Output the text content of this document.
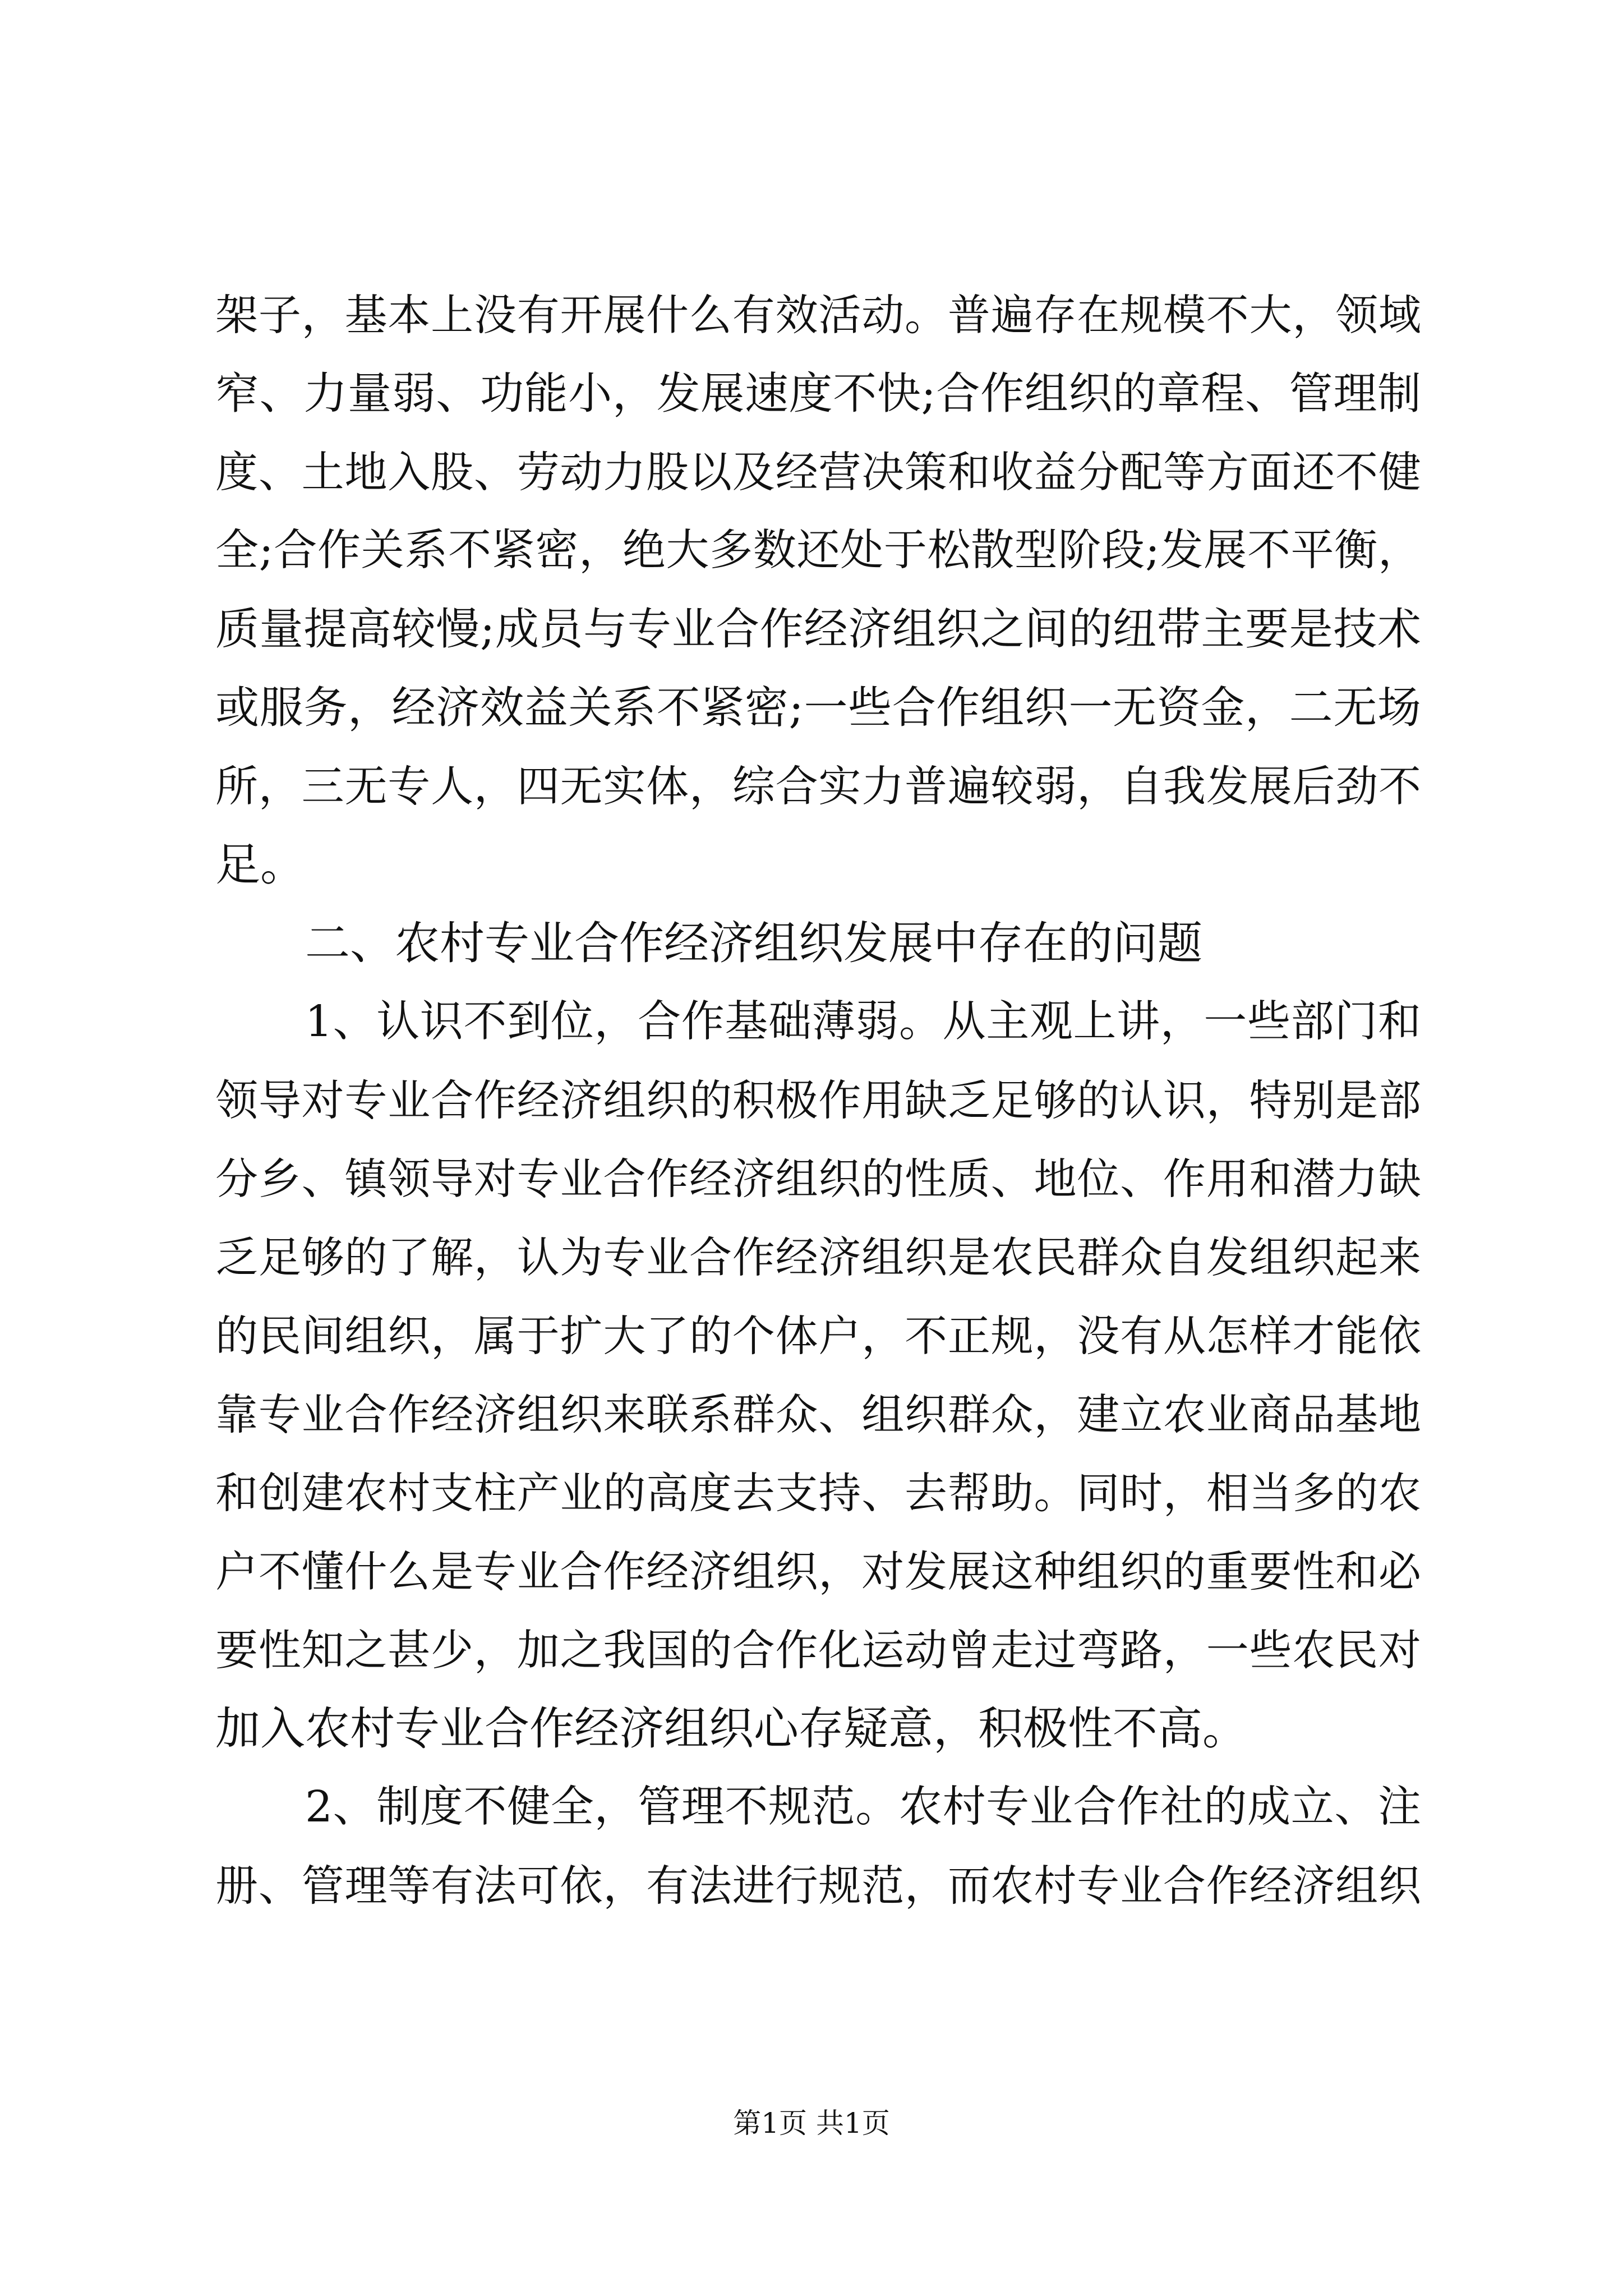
架子，基本上没有开展什么有效活动。普遍存在规模不大，领域
窄、力量弱、功能小，发展速度不快;合作组织的章程、管理制
度、土地入股、劳动力股以及经营决策和收益分配等方面还不健
全;合作关系不紧密，绝大多数还处于松散型阶段;发展不平衡，
质量提高较慢;成员与专业合作经济组织之间的纽带主要是技术
或服务，经济效益关系不紧密;一些合作组织一无资金，二无场
所，三无专人，四无实体，综合实力普遍较弱，自我发展后劲不
足。
二、农村专业合作经济组织发展中存在的问题
1、认识不到位，合作基础薄弱。从主观上讲，一些部门和
领导对专业合作经济组织的积极作用缺乏足够的认识，特别是部
分乡、镇领导对专业合作经济组织的性质、地位、作用和潜力缺
乏足够的了解，认为专业合作经济组织是农民群众自发组织起来
的民间组织，属于扩大了的个体户，不正规，没有从怎样才能依
靠专业合作经济组织来联系群众、组织群众，建立农业商品基地
和创建农村支柱产业的高度去支持、去帮助。同时，相当多的农
户不懂什么是专业合作经济组织，对发展这种组织的重要性和必
要性知之甚少，加之我国的合作化运动曾走过弯路，一些农民对
加入农村专业合作经济组织心存疑意，积极性不高。
2、制度不健全，管理不规范。农村专业合作社的成立、注
册、管理等有法可依，有法进行规范，而农村专业合作经济组织
第1页 共1页
